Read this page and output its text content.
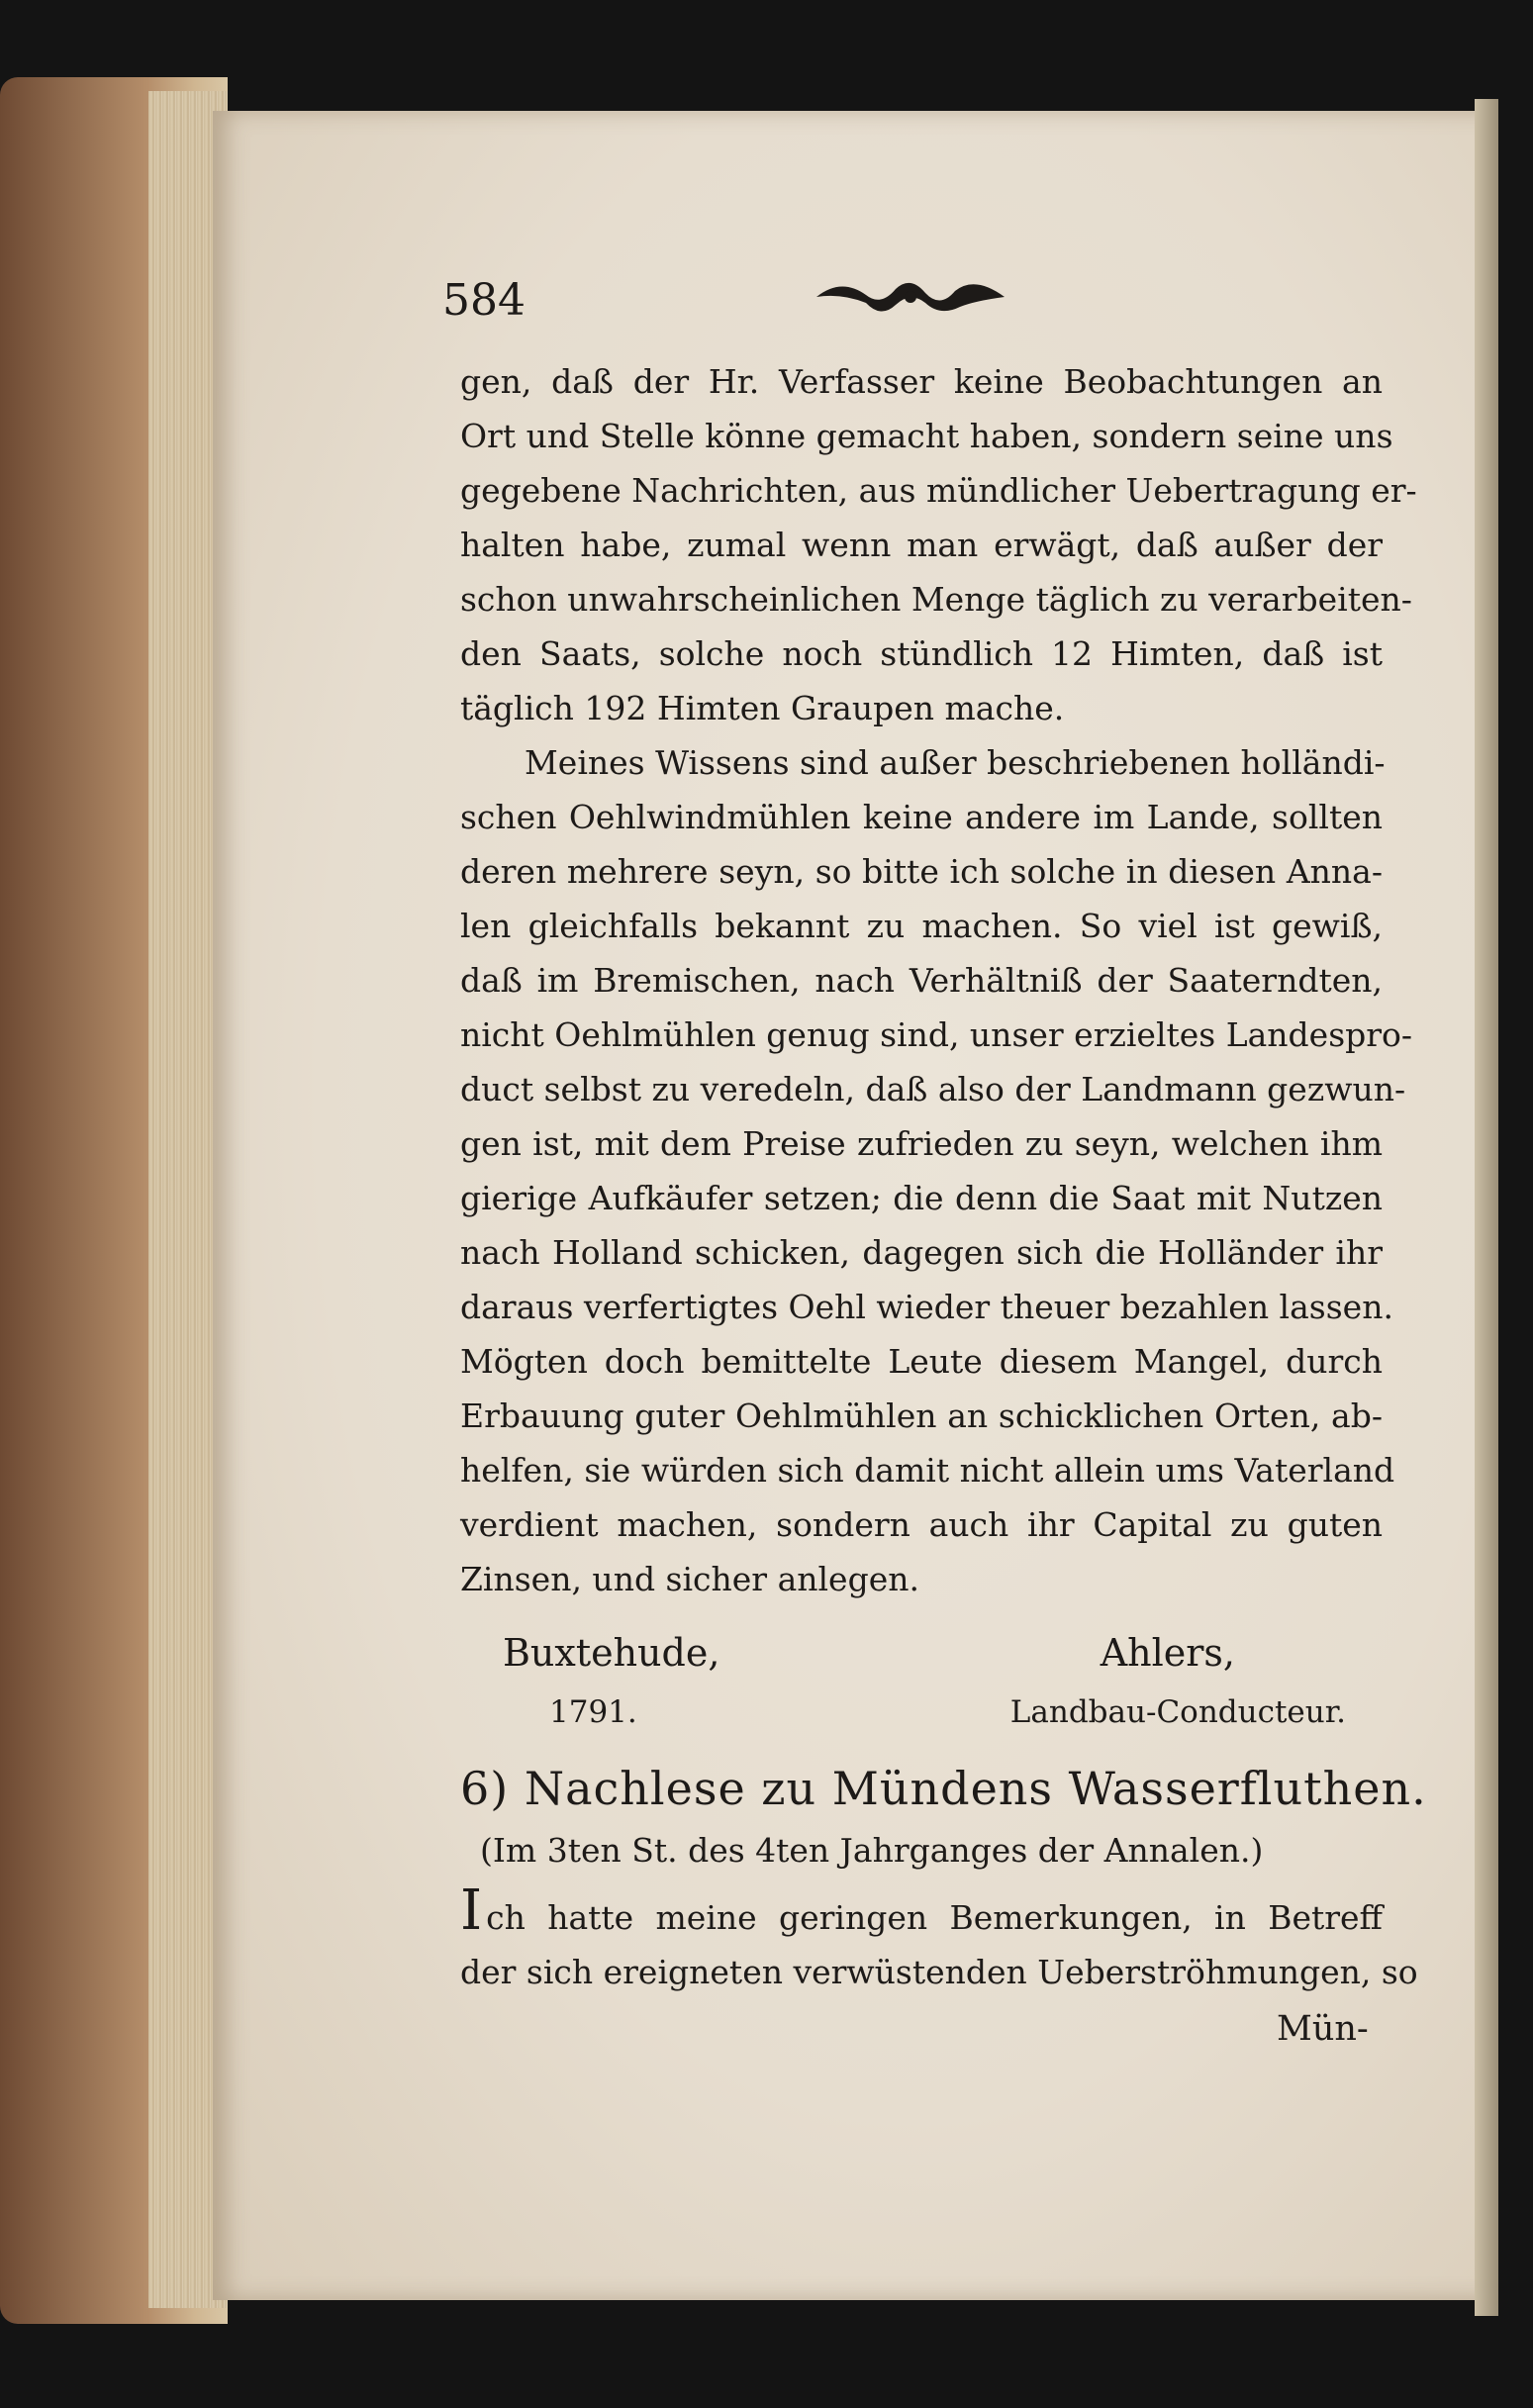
584
gen, daß der Hr. Verfasser keine Beobachtungen an
Ort und Stelle könne gemacht haben, sondern seine uns
gegebene Nachrichten, aus mündlicher Uebertragung er-
halten habe, zumal wenn man erwägt, daß außer der
schon unwahrscheinlichen Menge täglich zu verarbeiten-
den Saats, solche noch stündlich 12 Himten, daß ist
täglich 192 Himten Graupen mache.
Meines Wissens sind außer beschriebenen holländi-
schen Oehlwindmühlen keine andere im Lande, sollten
deren mehrere seyn, so bitte ich solche in diesen Anna-
len gleichfalls bekannt zu machen. So viel ist gewiß,
daß im Bremischen, nach Verhältniß der Saaterndten,
nicht Oehlmühlen genug sind, unser erzieltes Landespro-
duct selbst zu veredeln, daß also der Landmann gezwun-
gen ist, mit dem Preise zufrieden zu seyn, welchen ihm
gierige Aufkäufer setzen; die denn die Saat mit Nutzen
nach Holland schicken, dagegen sich die Holländer ihr
daraus verfertigtes Oehl wieder theuer bezahlen lassen.
Mögten doch bemittelte Leute diesem Mangel, durch
Erbauung guter Oehlmühlen an schicklichen Orten, ab-
helfen, sie würden sich damit nicht allein ums Vaterland
verdient machen, sondern auch ihr Capital zu guten
Zinsen, und sicher anlegen.
Buxtehude,	Ahlers,
1791.	Landbau-Conducteur.
6) Nachlese zu Mündens Wasserfluthen.
(Im 3ten St. des 4ten Jahrganges der Annalen.)
Ich hatte meine geringen Bemerkungen, in Betreff
der sich ereigneten verwüstenden Ueberströhmungen, so
Mün-
